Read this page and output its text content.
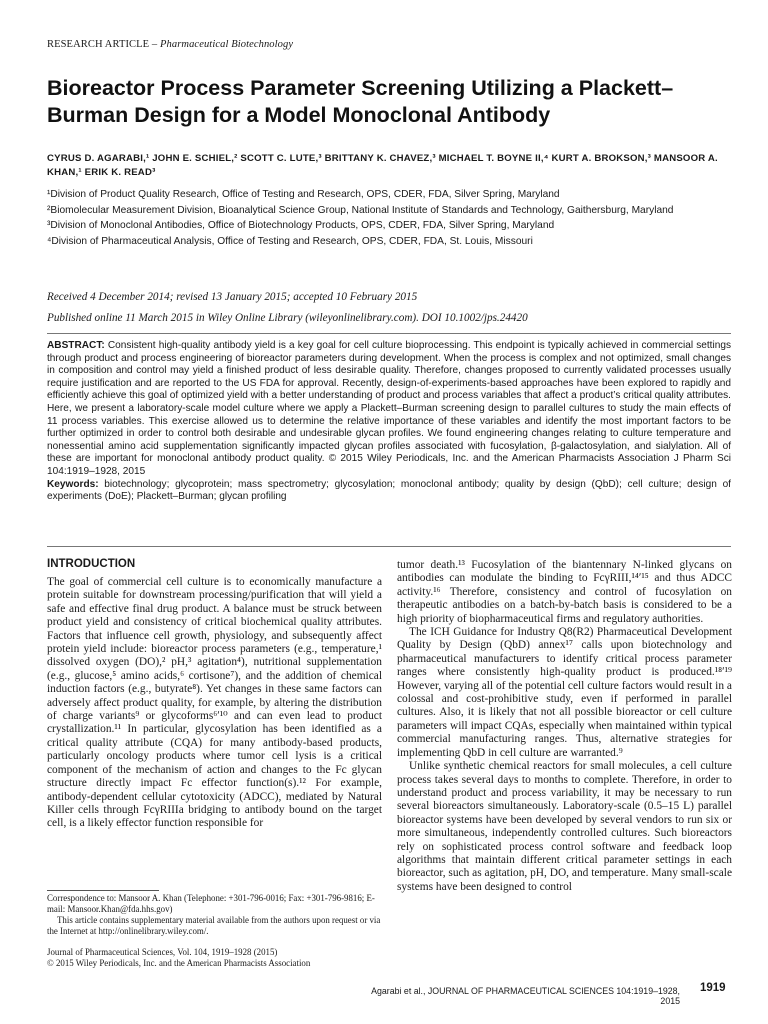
RESEARCH ARTICLE – Pharmaceutical Biotechnology
Bioreactor Process Parameter Screening Utilizing a Plackett–Burman Design for a Model Monoclonal Antibody
CYRUS D. AGARABI,¹ JOHN E. SCHIEL,² SCOTT C. LUTE,³ BRITTANY K. CHAVEZ,³ MICHAEL T. BOYNE II,⁴ KURT A. BROKSON,³ MANSOOR A. KHAN,¹ ERIK K. READ³

¹Division of Product Quality Research, Office of Testing and Research, OPS, CDER, FDA, Silver Spring, Maryland

²Biomolecular Measurement Division, Bioanalytical Science Group, National Institute of Standards and Technology, Gaithersburg, Maryland

³Division of Monoclonal Antibodies, Office of Biotechnology Products, OPS, CDER, FDA, Silver Spring, Maryland

⁴Division of Pharmaceutical Analysis, Office of Testing and Research, OPS, CDER, FDA, St. Louis, Missouri

Received 4 December 2014; revised 13 January 2015; accepted 10 February 2015

Published online 11 March 2015 in Wiley Online Library (wileyonlinelibrary.com). DOI 10.1002/jps.24420

ABSTRACT: Consistent high-quality antibody yield is a key goal for cell culture bioprocessing. This endpoint is typically achieved in commercial settings through product and process engineering of bioreactor parameters during development. When the process is complex and not optimized, small changes in composition and control may yield a finished product of less desirable quality. Therefore, changes proposed to currently validated processes usually require justification and are reported to the US FDA for approval. Recently, design-of-experiments-based approaches have been explored to rapidly and efficiently achieve this goal of optimized yield with a better understanding of product and process variables that affect a product’s critical quality attributes. Here, we present a laboratory-scale model culture where we apply a Plackett–Burman screening design to parallel cultures to study the main effects of 11 process variables. This exercise allowed us to determine the relative importance of these variables and identify the most important factors to be further optimized in order to control both desirable and undesirable glycan profiles. We found engineering changes relating to culture temperature and nonessential amino acid supplementation significantly impacted glycan profiles associated with fucosylation, β-galactosylation, and sialylation. All of these are important for monoclonal antibody product quality. © 2015 Wiley Periodicals, Inc. and the American Pharmacists Association J Pharm Sci 104:1919–1928, 2015

Keywords: biotechnology; glycoprotein; mass spectrometry; glycosylation; monoclonal antibody; quality by design (QbD); cell culture; design of experiments (DoE); Plackett–Burman; glycan profiling

INTRODUCTION

The goal of commercial cell culture is to economically manufacture a protein suitable for downstream processing/purification that will yield a safe and effective final drug product. A balance must be struck between product yield and consistency of critical biochemical quality attributes. Factors that influence cell growth, physiology, and subsequently affect protein yield include: bioreactor process parameters (e.g., temperature,¹ dissolved oxygen (DO),² pH,³ agitation⁴), nutritional supplementation (e.g., glucose,⁵ amino acids,⁶ cortisone⁷), and the addition of chemical induction factors (e.g., butyrate⁸). Yet changes in these same factors can adversely affect product quality, for example, by altering the distribution of charge variants⁹ or glycoforms⁶ʹ¹⁰ and can even lead to product crystallization.¹¹ In particular, glycosylation has been identified as a critical quality attribute (CQA) for many antibody-based products, particularly oncology products where tumor cell lysis is a critical component of the mechanism of action and changes to the Fc glycan structure directly impact Fc effector function(s).¹² For example, antibody-dependent cellular cytotoxicity (ADCC), mediated by Natural Killer cells through FcγRIIIa bridging to antibody bound on the target cell, is a likely effector function responsible for

tumor death.¹³ Fucosylation of the biantennary N-linked glycans on antibodies can modulate the binding to FcγRIII,¹⁴ʹ¹⁵ and thus ADCC activity.¹⁶ Therefore, consistency and control of fucosylation on therapeutic antibodies on a batch-by-batch basis is considered to be a high priority of biopharmaceutical firms and regulatory authorities.

The ICH Guidance for Industry Q8(R2) Pharmaceutical Development Quality by Design (QbD) annex¹⁷ calls upon biotechnology and pharmaceutical manufacturers to identify critical process parameter ranges where consistently high-quality product is produced.¹⁸ʹ¹⁹ However, varying all of the potential cell culture factors would result in a colossal and cost-prohibitive study, even if performed in parallel cultures. Also, it is likely that not all possible bioreactor or cell culture parameters will impact CQAs, especially when maintained within typical commercial manufacturing ranges. Thus, alternative strategies for implementing QbD in cell culture are warranted.⁹

Unlike synthetic chemical reactors for small molecules, a cell culture process takes several days to months to complete. Therefore, in order to understand product and process variability, it may be necessary to run several bioreactors simultaneously. Laboratory-scale (0.5–15 L) parallel bioreactor systems have been developed by several vendors to run six or more simultaneous, independently controlled cultures. Such bioreactors rely on sophisticated process control software and feedback loop algorithms that maintain different critical parameter settings in each bioreactor, such as agitation, pH, DO, and temperature. Many small-scale systems have been designed to control

Correspondence to: Mansoor A. Khan (Telephone: +301-796-0016; Fax: +301-796-9816; E-mail: Mansoor.Khan@fda.hhs.gov)

This article contains supplementary material available from the authors upon request or via the Internet at http://onlinelibrary.wiley.com/.

Journal of Pharmaceutical Sciences, Vol. 104, 1919–1928 (2015)

© 2015 Wiley Periodicals, Inc. and the American Pharmacists Association

Agarabi et al., JOURNAL OF PHARMACEUTICAL SCIENCES 104:1919–1928, 2015
1919
